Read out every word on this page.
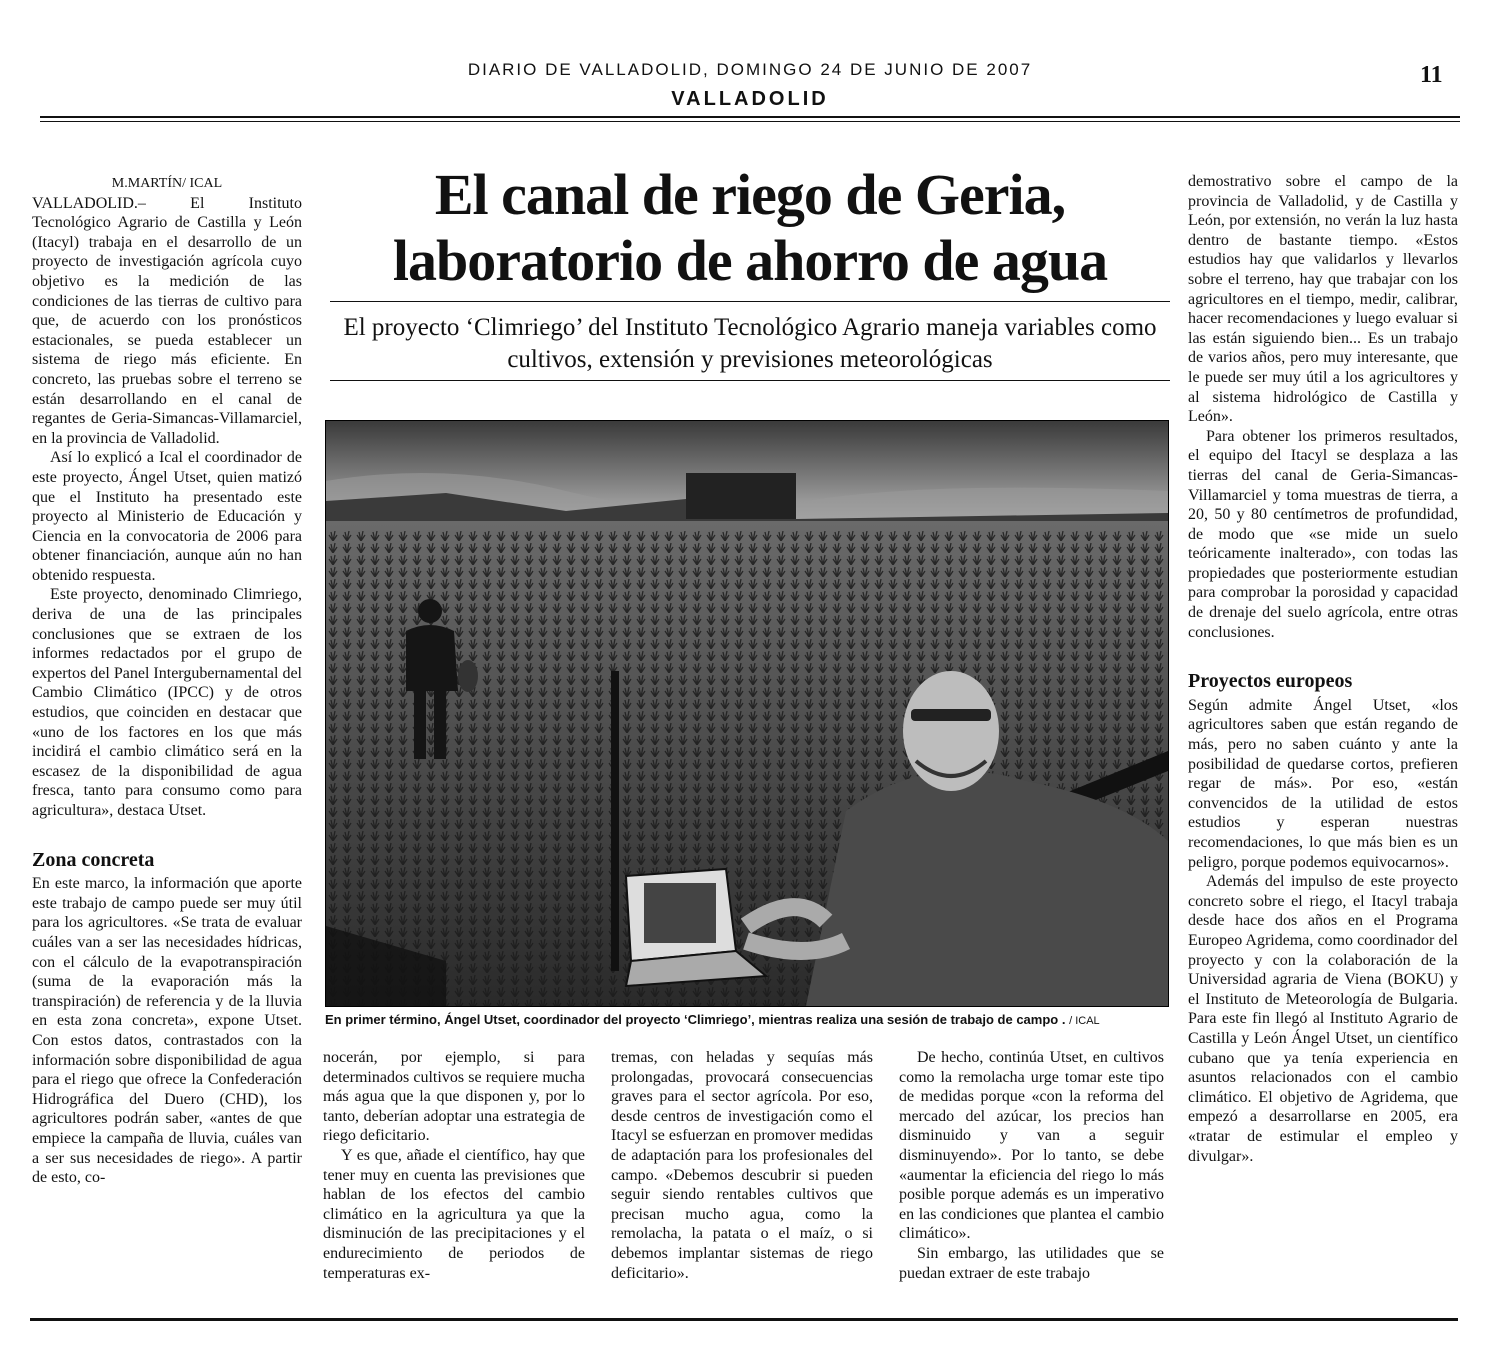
DIARIO DE VALLADOLID, DOMINGO 24 DE JUNIO DE 2007
VALLADOLID
11
M.MARTÍN/ ICAL

VALLADOLID.– El Instituto Tecnológico Agrario de Castilla y León (Itacyl) trabaja en el desarrollo de un proyecto de investigación agrícola cuyo objetivo es la medición de las condiciones de las tierras de cultivo para que, de acuerdo con los pronósticos estacionales, se pueda establecer un sistema de riego más eficiente. En concreto, las pruebas sobre el terreno se están desarrollando en el canal de regantes de Geria-Simancas-Villamarciel, en la provincia de Valladolid.

Así lo explicó a Ical el coordinador de este proyecto, Ángel Utset, quien matizó que el Instituto ha presentado este proyecto al Ministerio de Educación y Ciencia en la convocatoria de 2006 para obtener financiación, aunque aún no han obtenido respuesta.

Este proyecto, denominado Climriego, deriva de una de las principales conclusiones que se extraen de los informes redactados por el grupo de expertos del Panel Intergubernamental del Cambio Climático (IPCC) y de otros estudios, que coinciden en destacar que «uno de los factores en los que más incidirá el cambio climático será en la escasez de la disponibilidad de agua fresca, tanto para consumo como para agricultura», destaca Utset.

Zona concreta

En este marco, la información que aporte este trabajo de campo puede ser muy útil para los agricultores. «Se trata de evaluar cuáles van a ser las necesidades hídricas, con el cálculo de la evapotranspiración (suma de la evaporación más la transpiración) de referencia y de la lluvia en esta zona concreta», expone Utset. Con estos datos, contrastados con la información sobre disponibilidad de agua para el riego que ofrece la Confederación Hidrográfica del Duero (CHD), los agricultores podrán saber, «antes de que empiece la campaña de lluvia, cuáles van a ser sus necesidades de riego». A partir de esto, co-

El canal de riego de Geria,
laboratorio de ahorro de agua
El proyecto ‘Climriego’ del Instituto Tecnológico Agrario maneja variables como cultivos, extensión y previsiones meteorológicas
En primer término, Ángel Utset, coordinador del proyecto ‘Climriego’, mientras realiza una sesión de trabajo de campo . / ICAL

nocerán, por ejemplo, si para determinados cultivos se requiere mucha más agua que la que disponen y, por lo tanto, deberían adoptar una estrategia de riego deficitario.

Y es que, añade el científico, hay que tener muy en cuenta las previsiones que hablan de los efectos del cambio climático en la agricultura ya que la disminución de las precipitaciones y el endurecimiento de periodos de temperaturas ex-

tremas, con heladas y sequías más prolongadas, provocará consecuencias graves para el sector agrícola. Por eso, desde centros de investigación como el Itacyl se esfuerzan en promover medidas de adaptación para los profesionales del campo. «Debemos descubrir si pueden seguir siendo rentables cultivos que precisan mucho agua, como la remolacha, la patata o el maíz, o si debemos implantar sistemas de riego deficitario».

De hecho, continúa Utset, en cultivos como la remolacha urge tomar este tipo de medidas porque «con la reforma del mercado del azúcar, los precios han disminuido y van a seguir disminuyendo». Por lo tanto, se debe «aumentar la eficiencia del riego lo más posible porque además es un imperativo en las condiciones que plantea el cambio climático».

Sin embargo, las utilidades que se puedan extraer de este trabajo

demostrativo sobre el campo de la provincia de Valladolid, y de Castilla y León, por extensión, no verán la luz hasta dentro de bastante tiempo. «Estos estudios hay que validarlos y llevarlos sobre el terreno, hay que trabajar con los agricultores en el tiempo, medir, calibrar, hacer recomendaciones y luego evaluar si las están siguiendo bien... Es un trabajo de varios años, pero muy interesante, que le puede ser muy útil a los agricultores y al sistema hidrológico de Castilla y León».

Para obtener los primeros resultados, el equipo del Itacyl se desplaza a las tierras del canal de Geria-Simancas-Villamarciel y toma muestras de tierra, a 20, 50 y 80 centímetros de profundidad, de modo que «se mide un suelo teóricamente inalterado», con todas las propiedades que posteriormente estudian para comprobar la porosidad y capacidad de drenaje del suelo agrícola, entre otras conclusiones.

Proyectos europeos

Según admite Ángel Utset, «los agricultores saben que están regando de más, pero no saben cuánto y ante la posibilidad de quedarse cortos, prefieren regar de más». Por eso, «están convencidos de la utilidad de estos estudios y esperan nuestras recomendaciones, lo que más bien es un peligro, porque podemos equivocarnos».

Además del impulso de este proyecto concreto sobre el riego, el Itacyl trabaja desde hace dos años en el Programa Europeo Agridema, como coordinador del proyecto y con la colaboración de la Universidad agraria de Viena (BOKU) y el Instituto de Meteorología de Bulgaria. Para este fin llegó al Instituto Agrario de Castilla y León Ángel Utset, un científico cubano que ya tenía experiencia en asuntos relacionados con el cambio climático. El objetivo de Agridema, que empezó a desarrollarse en 2005, era «tratar de estimular el empleo y divulgar».
